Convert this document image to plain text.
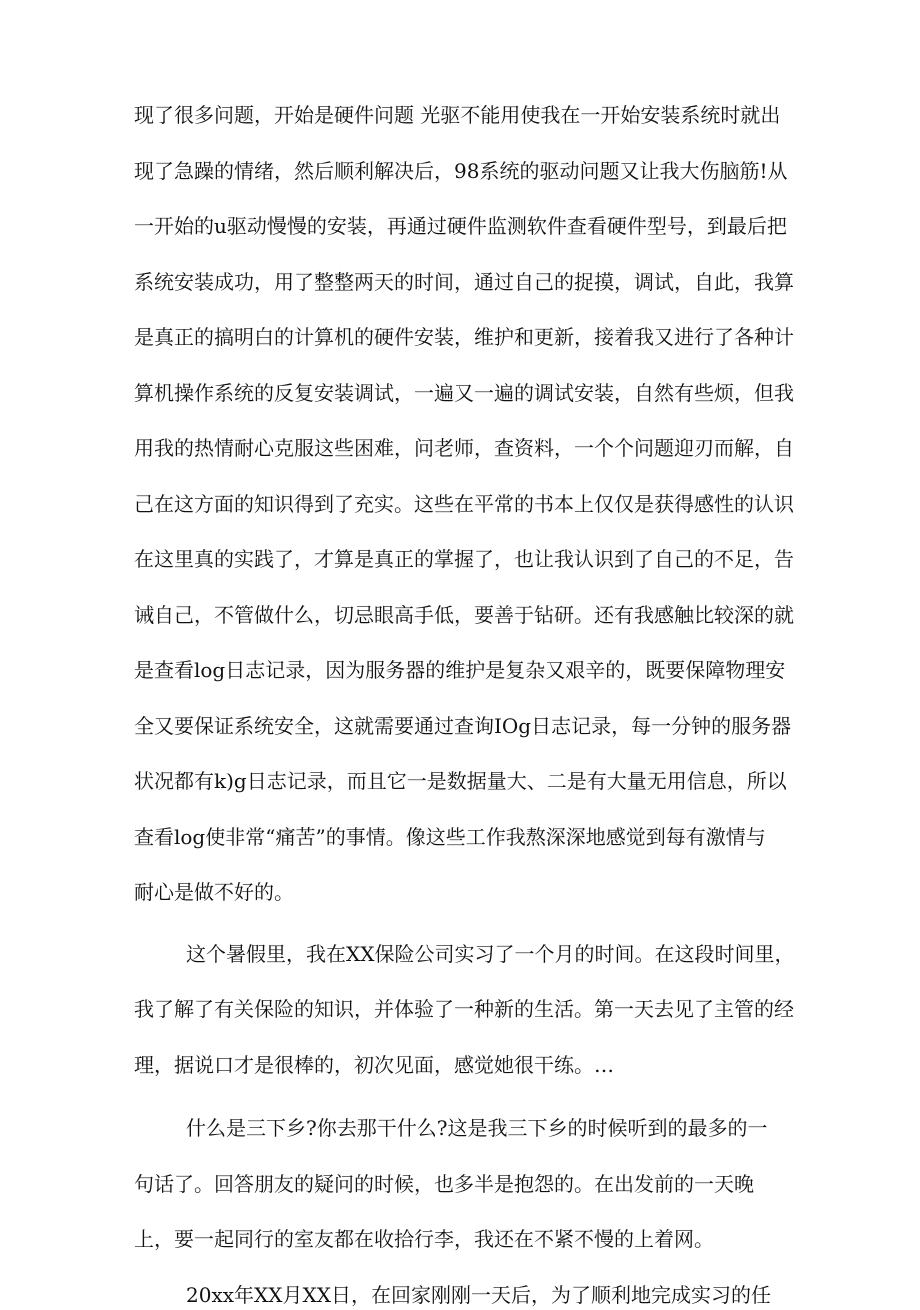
现了很多问题，开始是硬件问题 光驱不能用使我在一开始安装系统时就出
现了急躁的情绪，然后顺利解决后，98系统的驱动问题又让我大伤脑筋!从
一开始的u驱动慢慢的安装，再通过硬件监测软件查看硬件型号，到最后把
系统安装成功，用了整整两天的时间，通过自己的捉摸，调试，自此，我算
是真正的搞明白的计算机的硬件安装，维护和更新，接着我又进行了各种计
算机操作系统的反复安装调试，一遍又一遍的调试安装，自然有些烦，但我
用我的热情耐心克服这些困难，问老师，查资料，一个个问题迎刃而解，自
己在这方面的知识得到了充实。这些在平常的书本上仅仅是获得感性的认识
在这里真的实践了，才算是真正的掌握了，也让我认识到了自己的不足，告
诫自己，不管做什么，切忌眼高手低，要善于钻研。还有我感触比较深的就
是查看log日志记录，因为服务器的维护是复杂又艰辛的，既要保障物理安
全又要保证系统安全，这就需要通过查询IOg日志记录，每一分钟的服务器
状况都有k)g日志记录，而且它一是数据量大、二是有大量无用信息，所以
查看log使非常“痛苦”的事情。像这些工作我熬深深地感觉到每有激情与
耐心是做不好的。
这个暑假里，我在XX保险公司实习了一个月的时间。在这段时间里，
我了解了有关保险的知识，并体验了一种新的生活。第一天去见了主管的经
理，据说口才是很棒的，初次见面，感觉她很干练。…
什么是三下乡?你去那干什么?这是我三下乡的时候听到的最多的一
句话了。回答朋友的疑问的时候，也多半是抱怨的。在出发前的一天晚
上，要一起同行的室友都在收拾行李，我还在不紧不慢的上着网。
20xx年XX月XX日，在回家刚刚一天后，为了顺利地完成实习的任
